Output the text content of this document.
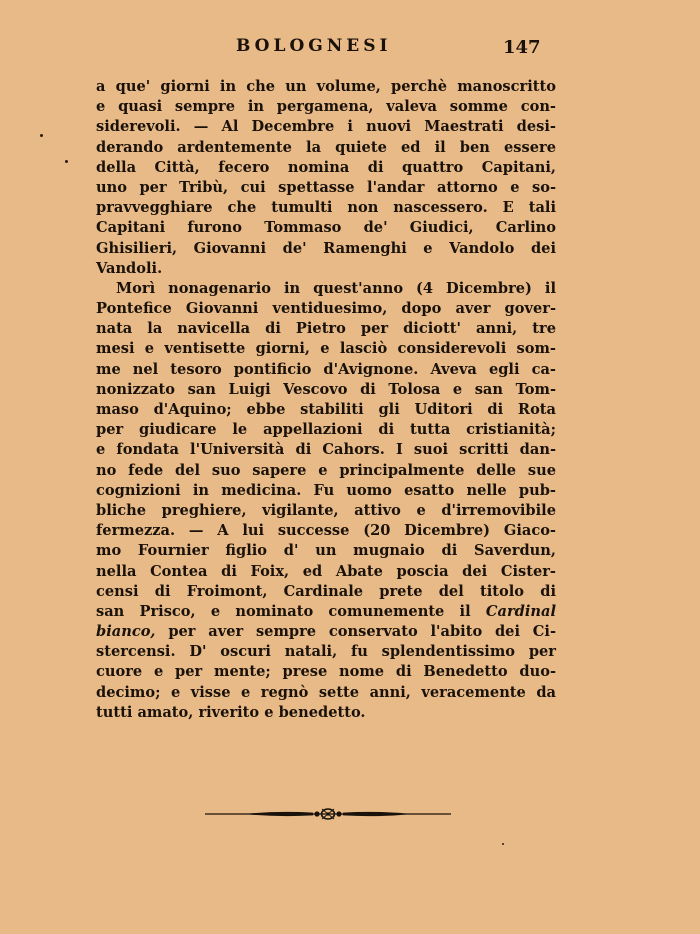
BOLOGNESI	147
a que' giorni in che un volume, perchè manoscritto
e quasi sempre in pergamena, valeva somme con-
siderevoli. — Al Decembre i nuovi Maestrati desi-
derando ardentemente la quiete ed il ben essere
della Città, fecero nomina di quattro Capitani,
uno per Tribù, cui spettasse l'andar attorno e so-
pravvegghiare che tumulti non nascessero. E tali
Capitani furono Tommaso de' Giudici, Carlino
Ghisilieri, Giovanni de' Ramenghi e Vandolo dei
Vandoli.
Morì nonagenario in quest'anno (4 Dicembre) il
Pontefice Giovanni ventiduesimo, dopo aver gover-
nata la navicella di Pietro per diciott' anni, tre
mesi e ventisette giorni, e lasciò considerevoli som-
me nel tesoro pontificio d'Avignone. Aveva egli ca-
nonizzato san Luigi Vescovo di Tolosa e san Tom-
maso d'Aquino; ebbe stabiliti gli Uditori di Rota
per giudicare le appellazioni di tutta cristianità;
e fondata l'Università di Cahors. I suoi scritti dan-
no fede del suo sapere e principalmente delle sue
cognizioni in medicina. Fu uomo esatto nelle pub-
bliche preghiere, vigilante, attivo e d'irremovibile
fermezza. — A lui successe (20 Dicembre) Giaco-
mo Fournier figlio d' un mugnaio di Saverdun,
nella Contea di Foix, ed Abate poscia dei Cister-
censi di Froimont, Cardinale prete del titolo di
san Prisco, e nominato comunemente il Cardinal
bianco, per aver sempre conservato l'abito dei Ci-
stercensi. D' oscuri natali, fu splendentissimo per
cuore e per mente; prese nome di Benedetto duo-
decimo; e visse e regnò sette anni, veracemente da
tutti amato, riverito e benedetto.
